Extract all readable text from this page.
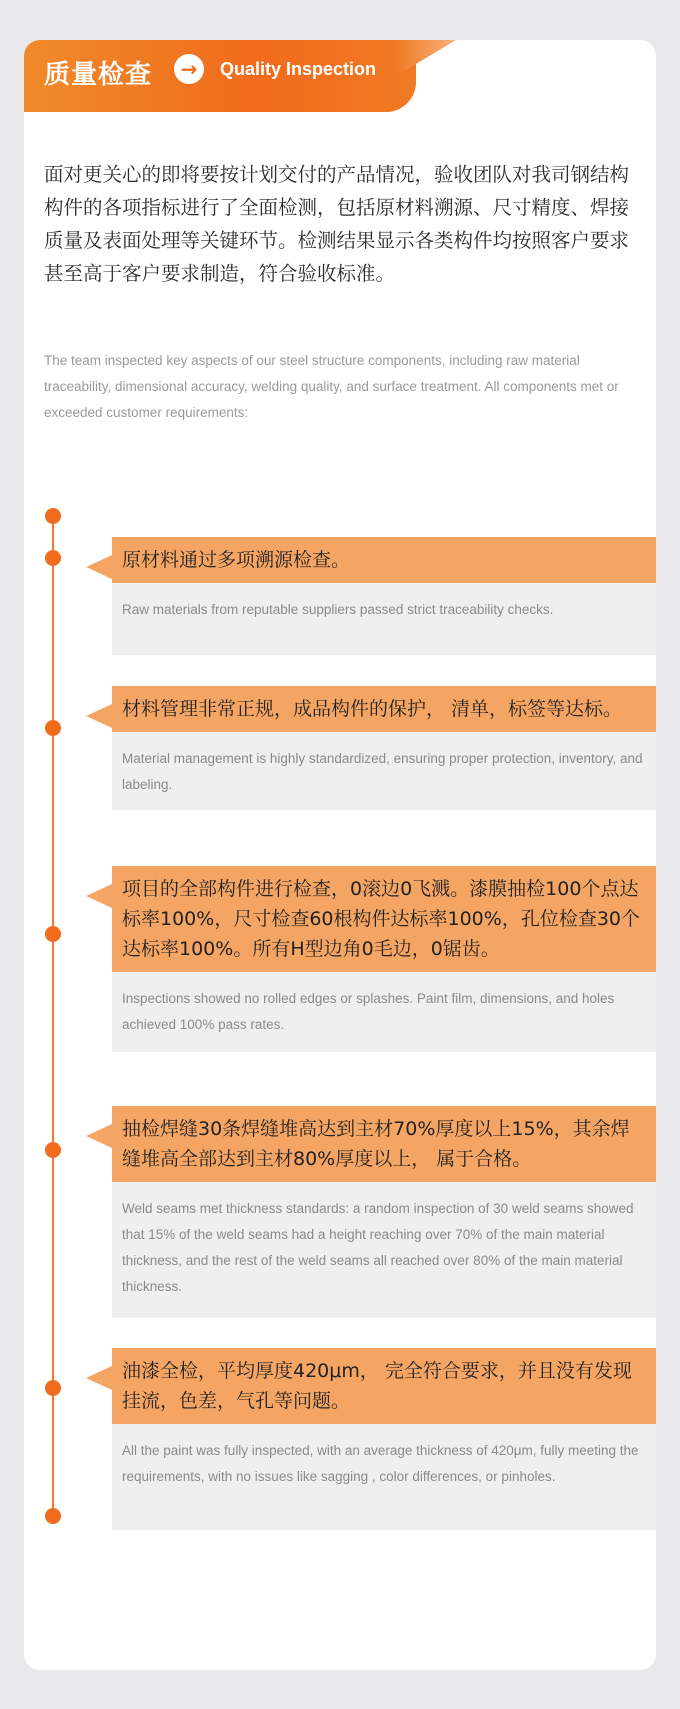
质量检查	→	Quality Inspection
面对更关心的即将要按计划交付的产品情况，验收团队对我司钢结构构件的各项指标进行了全面检测，包括原材料溯源、尺寸精度、焊接质量及表面处理等关键环节。检测结果显示各类构件均按照客户要求甚至高于客户要求制造，符合验收标准。
The team inspected key aspects of our steel structure components, including raw material traceability, dimensional accuracy, welding quality, and surface treatment. All components met or exceeded customer requirements:
原材料通过多项溯源检查。
Raw materials from reputable suppliers passed strict traceability checks.
材料管理非常正规，成品构件的保护， 清单，标签等达标。
Material management is highly standardized, ensuring proper protection, inventory, and labeling.
项目的全部构件进行检查，0滚边0飞溅。漆膜抽检100个点达标率100%，尺寸检查60根构件达标率100%，孔位检查30个达标率100%。所有H型边角0毛边，0锯齿。
Inspections showed no rolled edges or splashes. Paint film, dimensions, and holes achieved 100% pass rates.
抽检焊缝30条焊缝堆高达到主材70%厚度以上15%，其余焊缝堆高全部达到主材80%厚度以上， 属于合格。
Weld seams met thickness standards: a random inspection of 30 weld seams showed that 15% of the weld seams had a height reaching over 70% of the main material thickness, and the rest of the weld seams all reached over 80% of the main material thickness.
油漆全检，平均厚度420μm， 完全符合要求，并且没有发现挂流，色差，气孔等问题。
All the paint was fully inspected, with an average thickness of 420μm, fully meeting the requirements, with no issues like sagging , color differences, or pinholes.
